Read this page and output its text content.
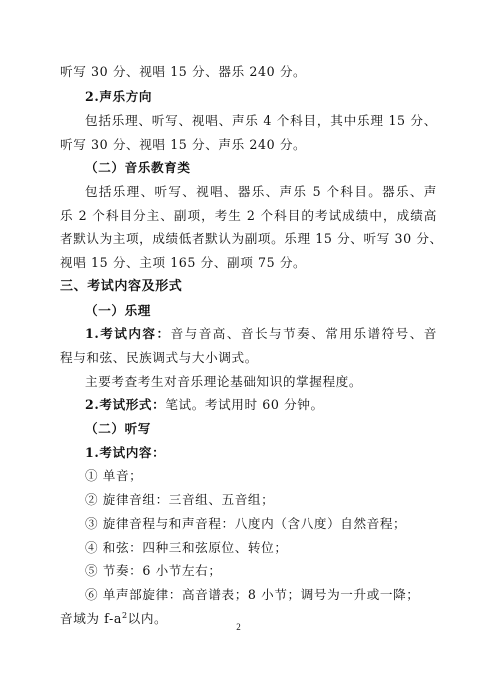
听写 30 分、视唱 15 分、器乐 240 分。
2.声乐方向
包括乐理、听写、视唱、声乐 4 个科目，其中乐理 15 分、
听写 30 分、视唱 15 分、声乐 240 分。
（二）音乐教育类
包括乐理、听写、视唱、器乐、声乐 5 个科目。器乐、声
乐 2 个科目分主、副项，考生 2 个科目的考试成绩中，成绩高
者默认为主项，成绩低者默认为副项。乐理 15 分、听写 30 分、
视唱 15 分、主项 165 分、副项 75 分。
三、考试内容及形式
（一）乐理
1.考试内容：音与音高、音长与节奏、常用乐谱符号、音
程与和弦、民族调式与大小调式。
主要考查考生对音乐理论基础知识的掌握程度。
2.考试形式：笔试。考试用时 60 分钟。
（二）听写
1.考试内容：
① 单音；
② 旋律音组：三音组、五音组；
③ 旋律音程与和声音程：八度内（含八度）自然音程；
④ 和弦：四种三和弦原位、转位；
⑤ 节奏：6 小节左右；
⑥ 单声部旋律：高音谱表；8 小节；调号为一升或一降；
音域为 $f-a^2$以内。
2
